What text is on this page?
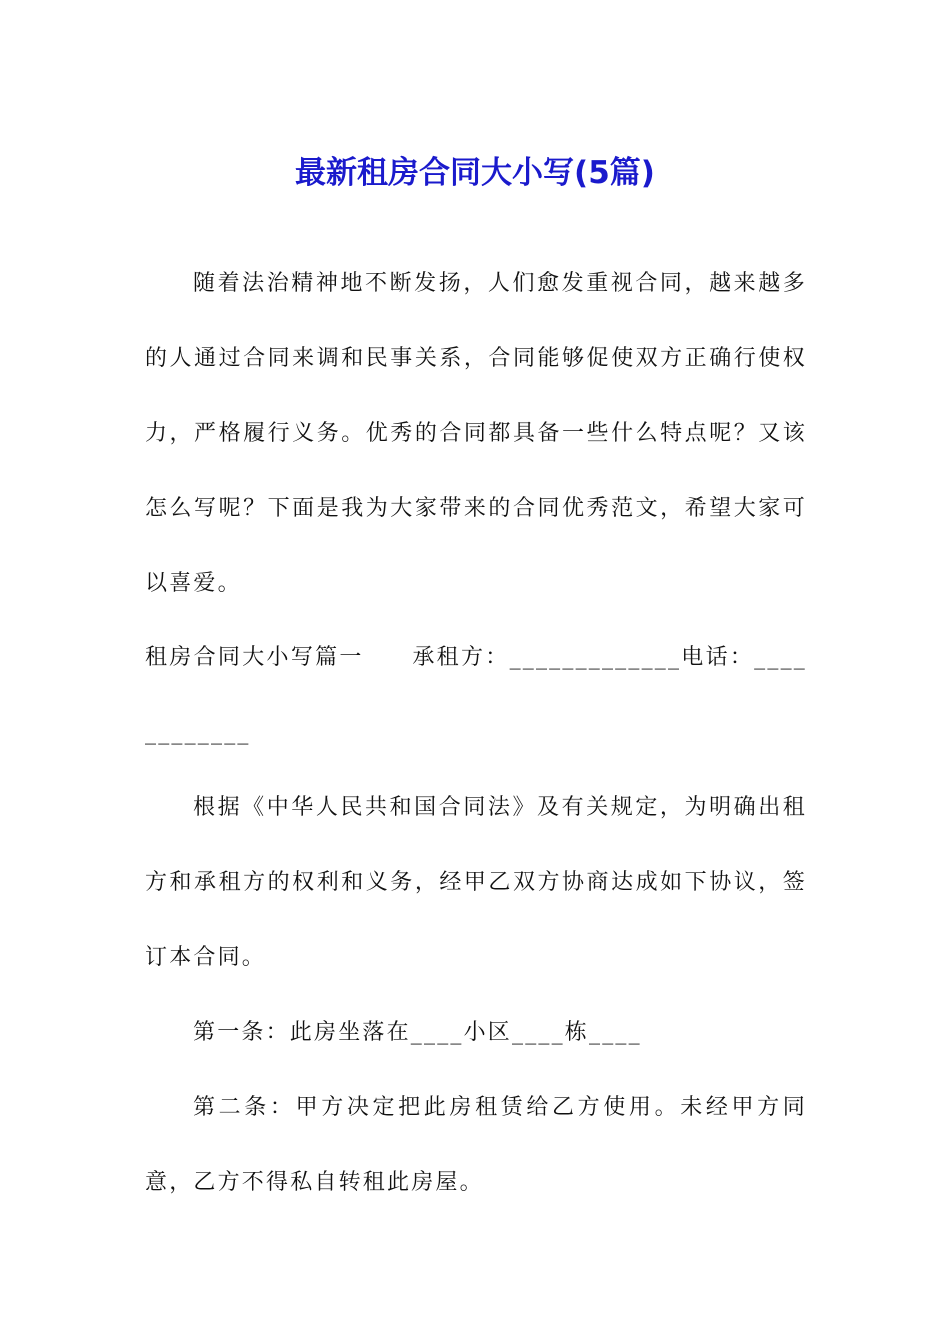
最新租房合同大小写(5篇)

随着法治精神地不断发扬，人们愈发重视合同，越来越多的人通过合同来调和民事关系，合同能够促使双方正确行使权力，严格履行义务。优秀的合同都具备一些什么特点呢？又该怎么写呢？下面是我为大家带来的合同优秀范文，希望大家可以喜爱。

租房合同大小写篇一　　承租方：_____________电话：____________

根据《中华人民共和国合同法》及有关规定，为明确出租方和承租方的权利和义务，经甲乙双方协商达成如下协议，签订本合同。

第一条：此房坐落在____小区____栋____

第二条：甲方决定把此房租赁给乙方使用。未经甲方同意，乙方不得私自转租此房屋。
